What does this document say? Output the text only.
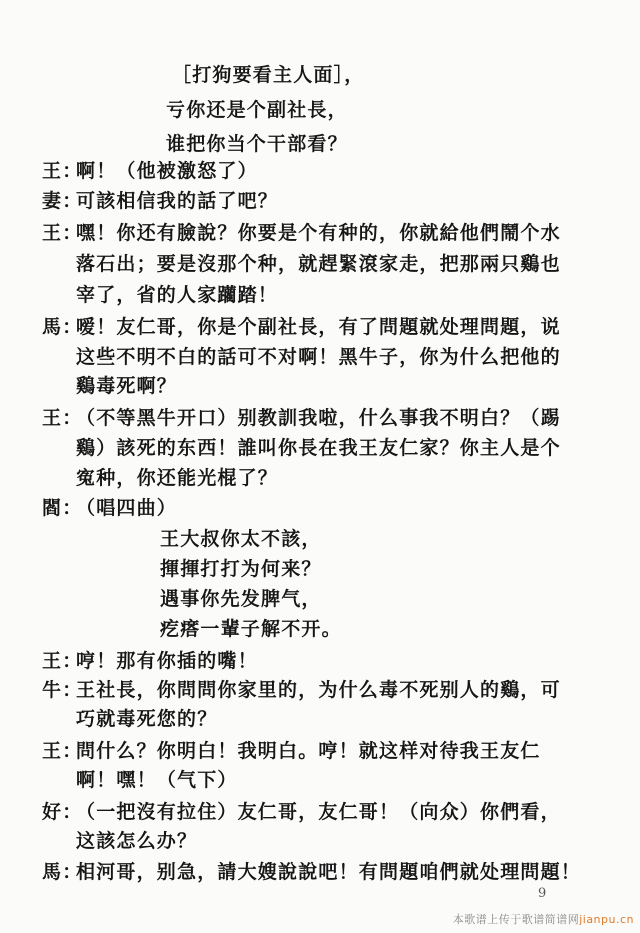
［打狗要看主人面］，
亏你还是个副社長，
谁把你当个干部看？
王：啊！（他被激怒了）
妻：可該相信我的話了吧？
王：嘿！你还有臉說？你要是个有种的，你就給他們鬧个水
落石出；要是沒那个种，就趕緊滾家走，把那兩只鷄也
宰了，省的人家躪踏！
馬：嗳！友仁哥，你是个副社長，有了問題就处理問題，说
这些不明不白的話可不对啊！黑牛子，你为什么把他的
鷄毒死啊？
王：（不等黑牛开口）别教訓我啦，什么事我不明白？（踢
鷄）該死的东西！誰叫你長在我王友仁家？你主人是个
寃种，你还能光棍了？
閻：（唱四曲）
王大叔你太不該，
揮揮打打为何来？
遇事你先发脾气，
疙瘩一輩子解不开。
王：哼！那有你插的嘴！
牛：王社長，你問問你家里的，为什么毒不死别人的鷄，可
巧就毒死您的？
王：問什么？你明白！我明白。哼！就这样对待我王友仁
啊！嘿！（气下）
好：（一把沒有拉住）友仁哥，友仁哥！（向众）你們看，
这該怎么办？
馬：相河哥，别急，請大嫂說說吧！有問題咱們就处理問題！
9
本歌谱上传于歌谱简谱网jianpu.cn
